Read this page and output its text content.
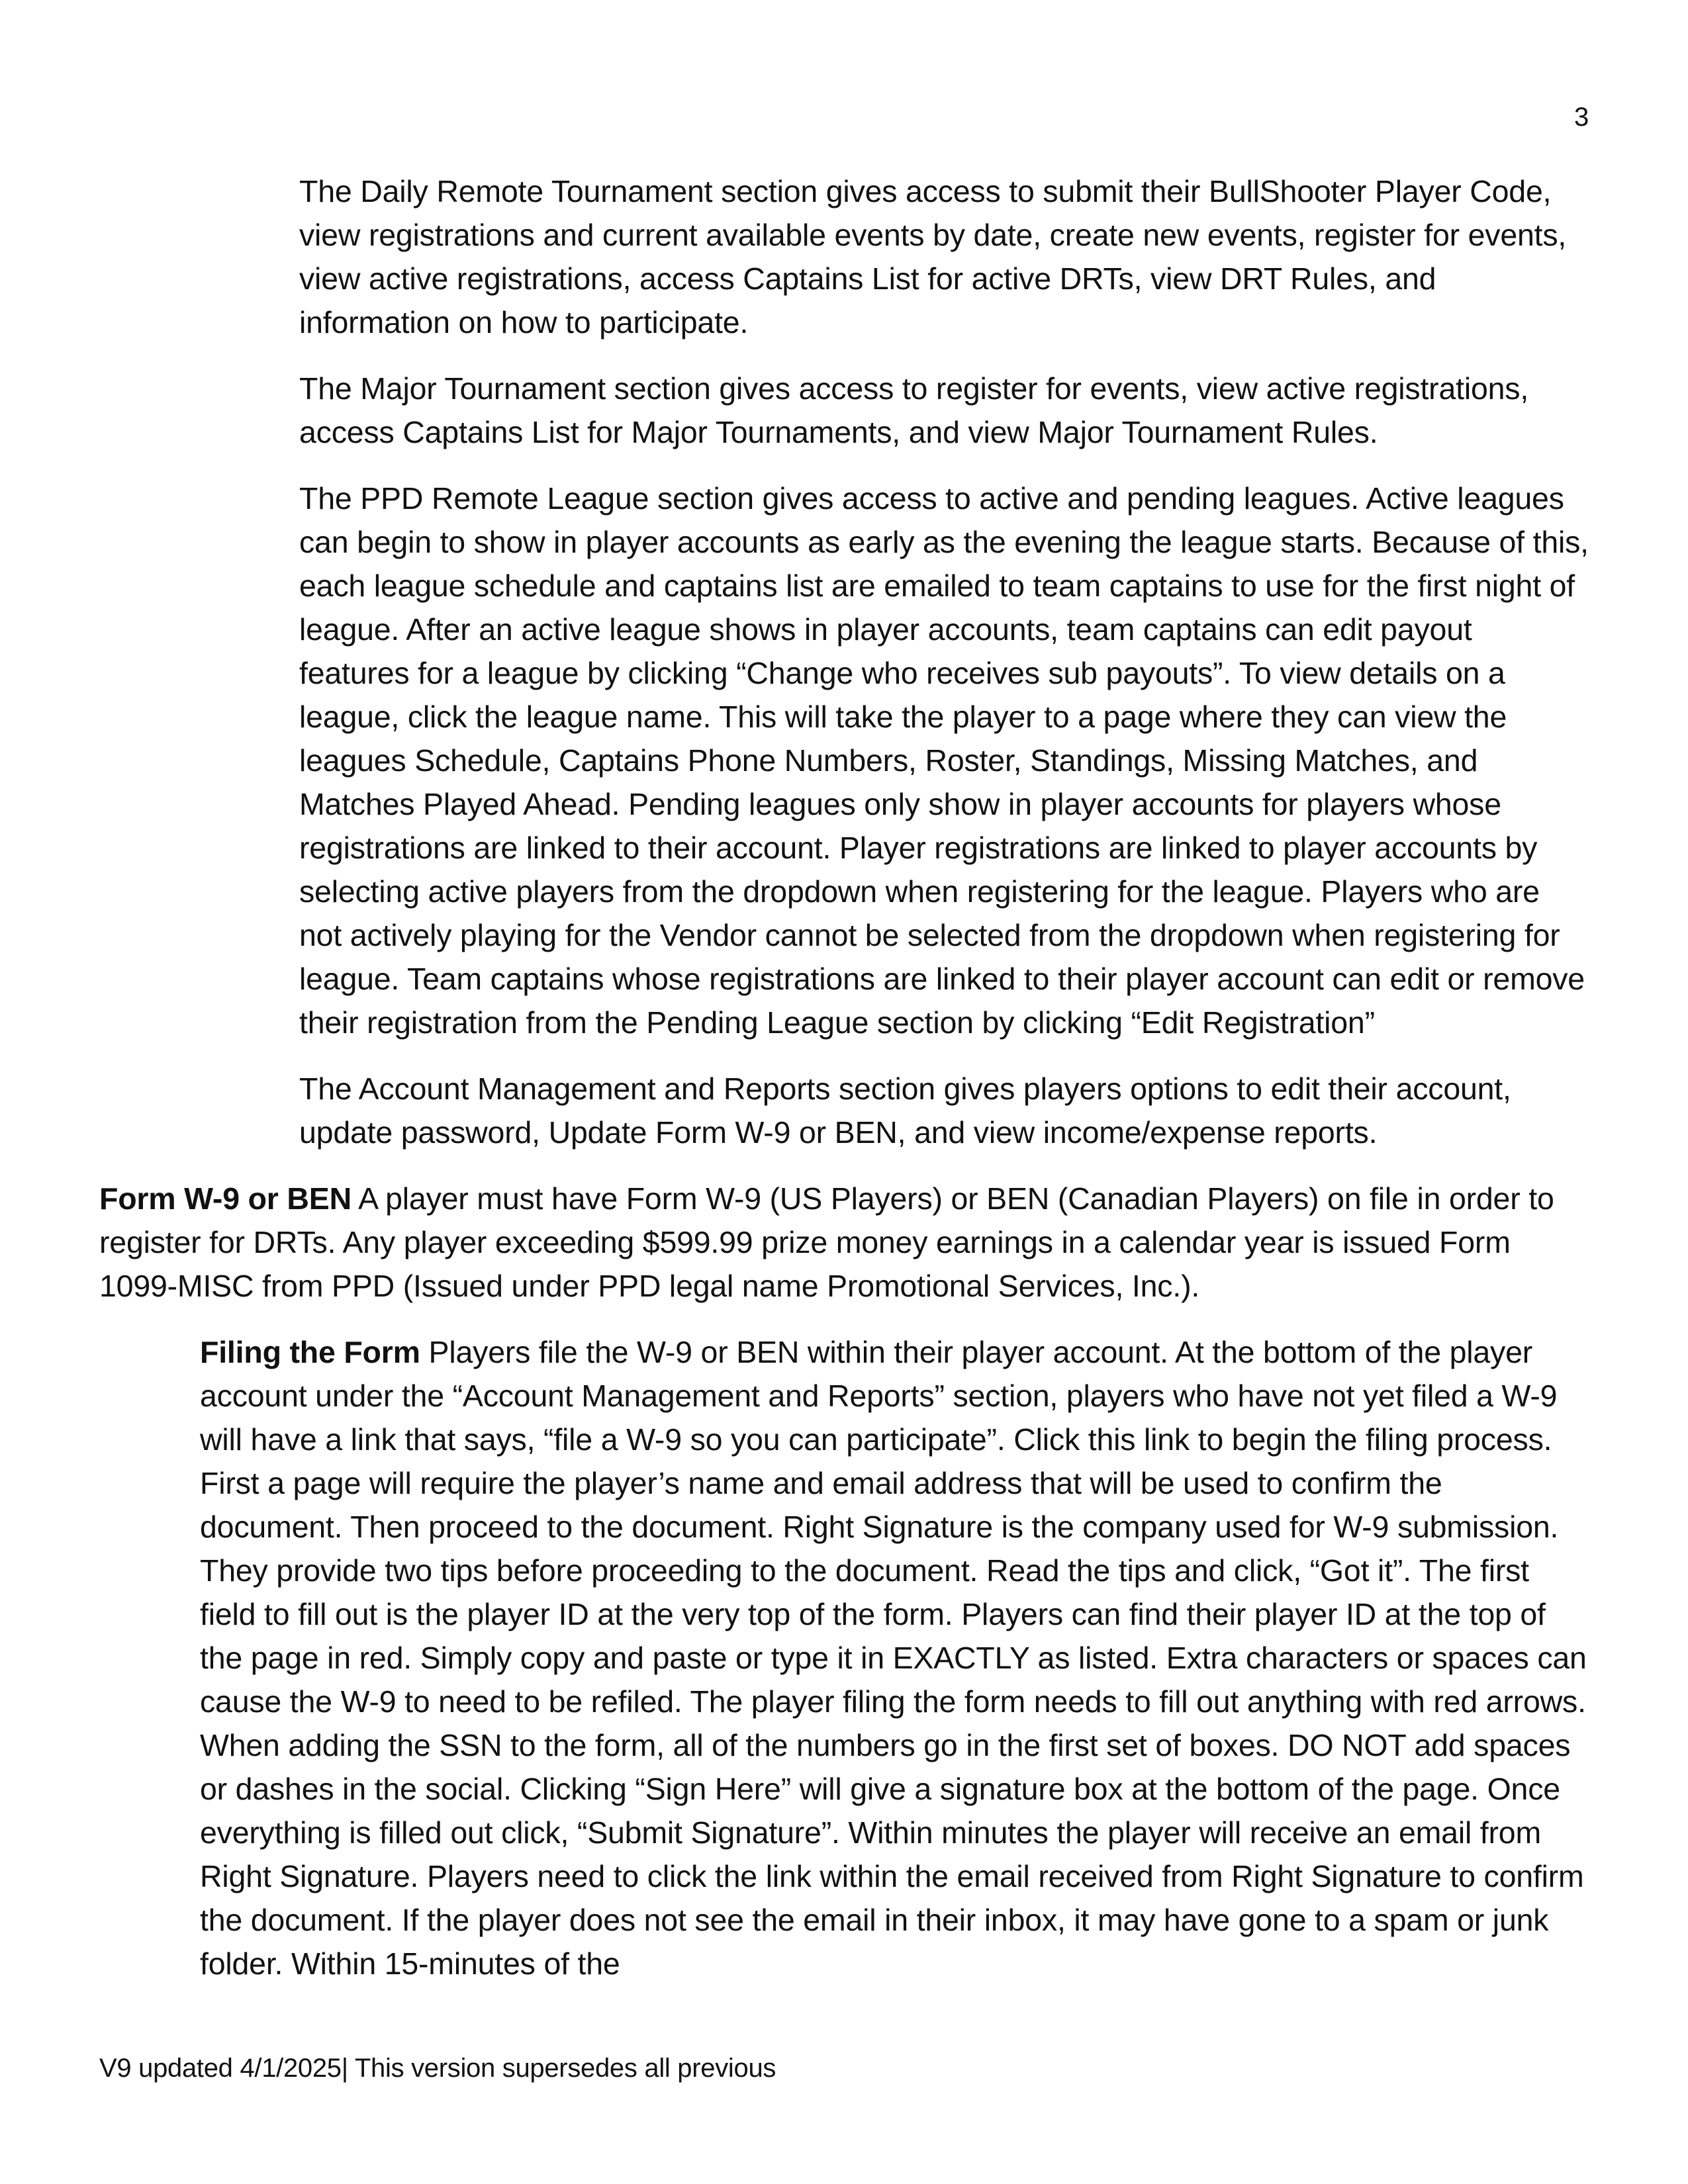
3

The Daily Remote Tournament section gives access to submit their BullShooter Player Code, view registrations and current available events by date, create new events, register for events, view active registrations, access Captains List for active DRTs, view DRT Rules, and information on how to participate.

The Major Tournament section gives access to register for events, view active registrations, access Captains List for Major Tournaments, and view Major Tournament Rules.

The PPD Remote League section gives access to active and pending leagues. Active leagues can begin to show in player accounts as early as the evening the league starts. Because of this, each league schedule and captains list are emailed to team captains to use for the first night of league. After an active league shows in player accounts, team captains can edit payout features for a league by clicking “Change who receives sub payouts”. To view details on a league, click the league name. This will take the player to a page where they can view the leagues Schedule, Captains Phone Numbers, Roster, Standings, Missing Matches, and Matches Played Ahead. Pending leagues only show in player accounts for players whose registrations are linked to their account. Player registrations are linked to player accounts by selecting active players from the dropdown when registering for the league. Players who are not actively playing for the Vendor cannot be selected from the dropdown when registering for league. Team captains whose registrations are linked to their player account can edit or remove their registration from the Pending League section by clicking “Edit Registration”

The Account Management and Reports section gives players options to edit their account, update password, Update Form W-9 or BEN, and view income/expense reports.

Form W-9 or BEN A player must have Form W-9 (US Players) or BEN (Canadian Players) on file in order to register for DRTs. Any player exceeding $599.99 prize money earnings in a calendar year is issued Form 1099-MISC from PPD (Issued under PPD legal name Promotional Services, Inc.).

Filing the Form Players file the W-9 or BEN within their player account. At the bottom of the player account under the “Account Management and Reports” section, players who have not yet filed a W-9 will have a link that says, “file a W-9 so you can participate”. Click this link to begin the filing process. First a page will require the player’s name and email address that will be used to confirm the document. Then proceed to the document. Right Signature is the company used for W-9 submission. They provide two tips before proceeding to the document. Read the tips and click, “Got it”. The first field to fill out is the player ID at the very top of the form. Players can find their player ID at the top of the page in red. Simply copy and paste or type it in EXACTLY as listed. Extra characters or spaces can cause the W-9 to need to be refiled. The player filing the form needs to fill out anything with red arrows. When adding the SSN to the form, all of the numbers go in the first set of boxes. DO NOT add spaces or dashes in the social. Clicking “Sign Here” will give a signature box at the bottom of the page. Once everything is filled out click, “Submit Signature”. Within minutes the player will receive an email from Right Signature. Players need to click the link within the email received from Right Signature to confirm the document. If the player does not see the email in their inbox, it may have gone to a spam or junk folder. Within 15-minutes of the

V9 updated 4/1/2025| This version supersedes all previous
